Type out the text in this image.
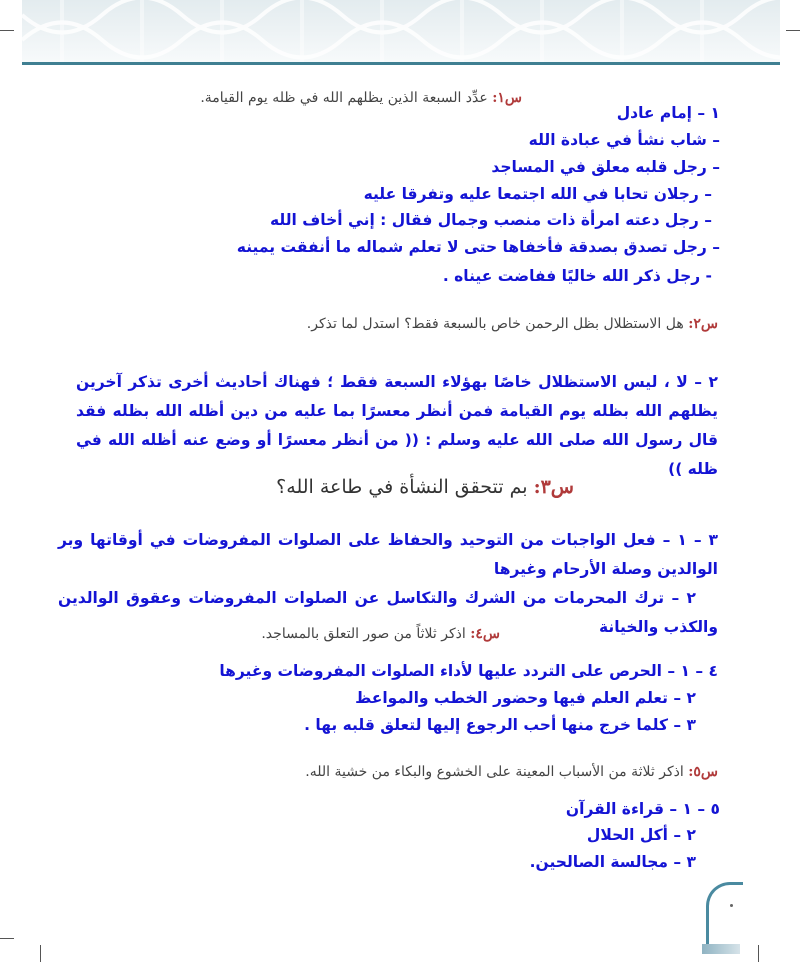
س١: عدِّد السبعة الذين يظلهم الله في ظله يوم القيامة.
١ – إمام عادل
– شاب نشأ في عبادة الله
– رجل قلبه معلق في المساجد
– رجلان تحابا في الله اجتمعا عليه وتفرقا عليه
– رجل دعته امرأة ذات منصب وجمال فقال : إني أخاف الله
– رجل تصدق بصدقة فأخفاها حتى لا تعلم شماله ما أنفقت يمينه
- رجل ذكر الله خاليًا ففاضت عيناه .
س٢: هل الاستظلال بظل الرحمن خاص بالسبعة فقط؟ استدل لما تذكر.
٢ – لا ، ليس الاستظلال خاصًا بهؤلاء السبعة فقط ؛ فهناك أحاديث أخرى تذكر آخرين يظلهم الله بظله يوم القيامة فمن أنظر معسرًا بما عليه من دين أظله الله بظله فقد قال رسول الله صلى الله عليه وسلم : (( من أنظر معسرًا أو وضع عنه أظله الله في ظله ))
س٣: بم تتحقق النشأة في طاعة الله؟
٣ – ١ – فعل الواجبات من التوحيد والحفاظ على الصلوات المفروضات في أوقاتها وبر الوالدين وصلة الأرحام وغيرها
٢ – ترك المحرمات من الشرك والتكاسل عن الصلوات المفروضات وعقوق الوالدين والكذب والخيانة
س٤: اذكر ثلاثاً من صور التعلق بالمساجد.
٤ – ١ – الحرص على التردد عليها لأداء الصلوات المفروضات وغيرها
٢ – تعلم العلم فيها وحضور الخطب والمواعظ
٣ – كلما خرج منها أحب الرجوع إليها لتعلق قلبه بها .
س٥: اذكر ثلاثة من الأسباب المعينة على الخشوع والبكاء من خشية الله.
٥ – ١ – قراءة القرآن
٢ – أكل الحلال
٣ – مجالسة الصالحين.
